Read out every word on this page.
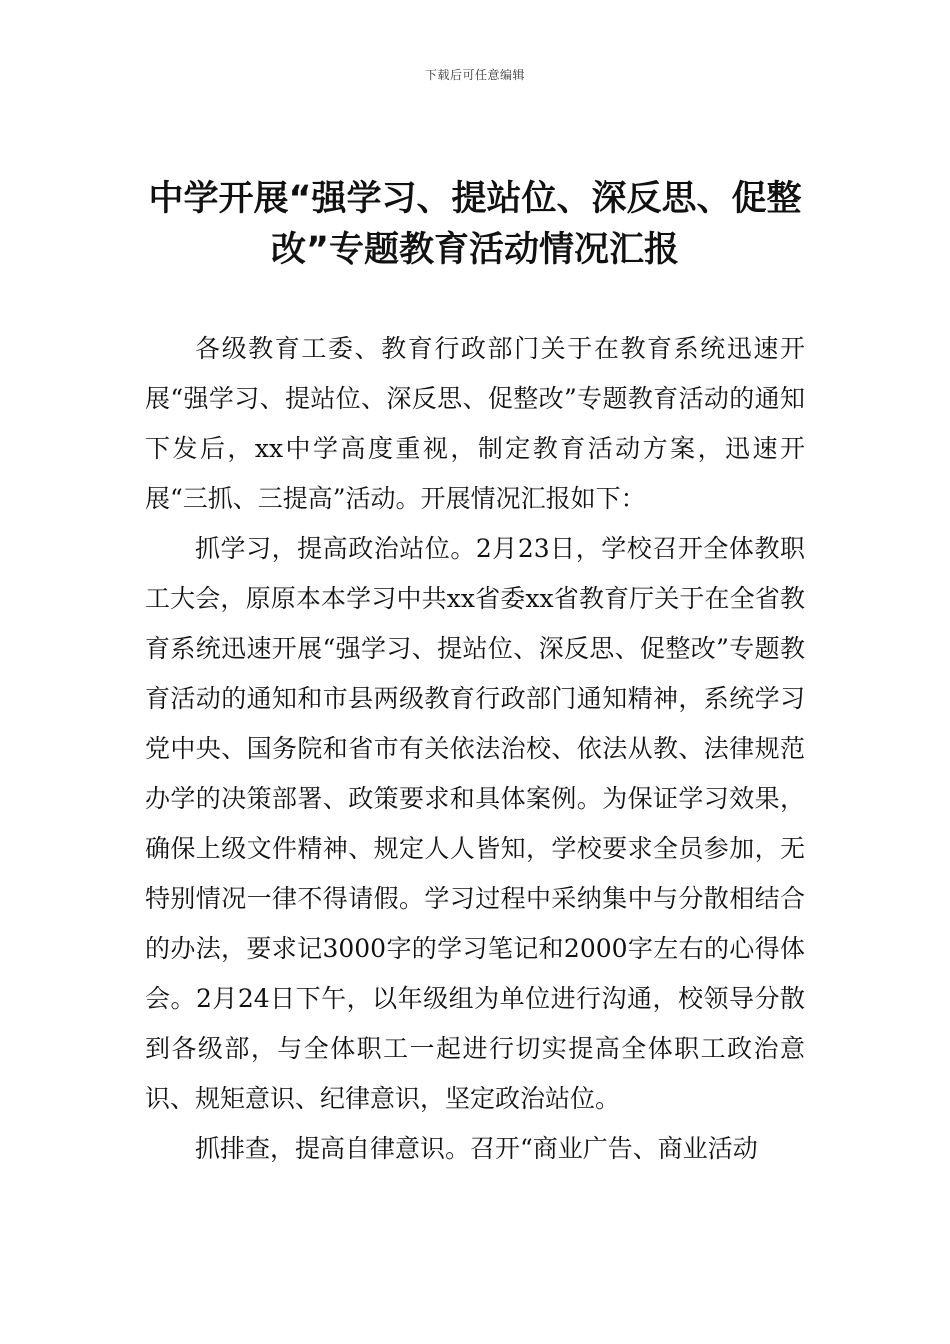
下载后可任意编辑
中学开展“强学习、提站位、深反思、促整改”专题教育活动情况汇报

各级教育工委、教育行政部门关于在教育系统迅速开展“强学习、提站位、深反思、促整改”专题教育活动的通知下发后，xx中学高度重视，制定教育活动方案，迅速开展“三抓、三提高”活动。开展情况汇报如下：

抓学习，提高政治站位。2月23日，学校召开全体教职工大会，原原本本学习中共xx省委xx省教育厅关于在全省教育系统迅速开展“强学习、提站位、深反思、促整改”专题教育活动的通知和市县两级教育行政部门通知精神，系统学习党中央、国务院和省市有关依法治校、依法从教、法律规范办学的决策部署、政策要求和具体案例。为保证学习效果，确保上级文件精神、规定人人皆知，学校要求全员参加，无特别情况一律不得请假。学习过程中采纳集中与分散相结合的办法，要求记3000字的学习笔记和2000字左右的心得体会。2月24日下午，以年级组为单位进行沟通，校领导分散到各级部，与全体职工一起进行切实提高全体职工政治意识、规矩意识、纪律意识，坚定政治站位。

抓排查，提高自律意识。召开“商业广告、商业活动
